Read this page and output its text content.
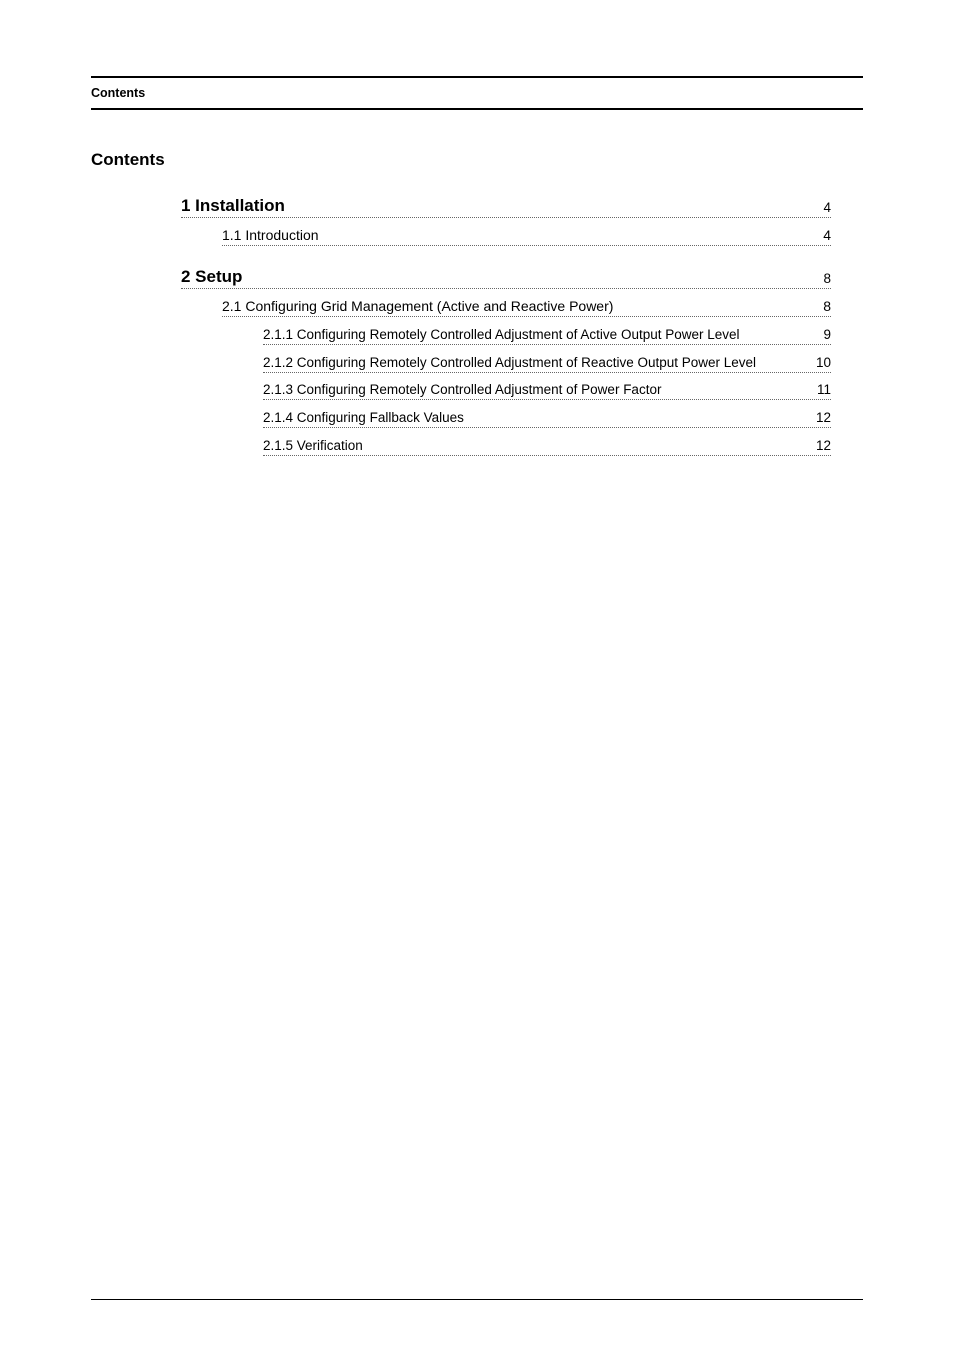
Contents
Contents
1 Installation	4
1.1 Introduction	4
2 Setup	8
2.1 Configuring Grid Management (Active and Reactive Power)	8
2.1.1 Configuring Remotely Controlled Adjustment of Active Output Power Level	9
2.1.2 Configuring Remotely Controlled Adjustment of Reactive Output Power Level	10
2.1.3 Configuring Remotely Controlled Adjustment of Power Factor	11
2.1.4 Configuring Fallback Values	12
2.1.5 Verification	12
